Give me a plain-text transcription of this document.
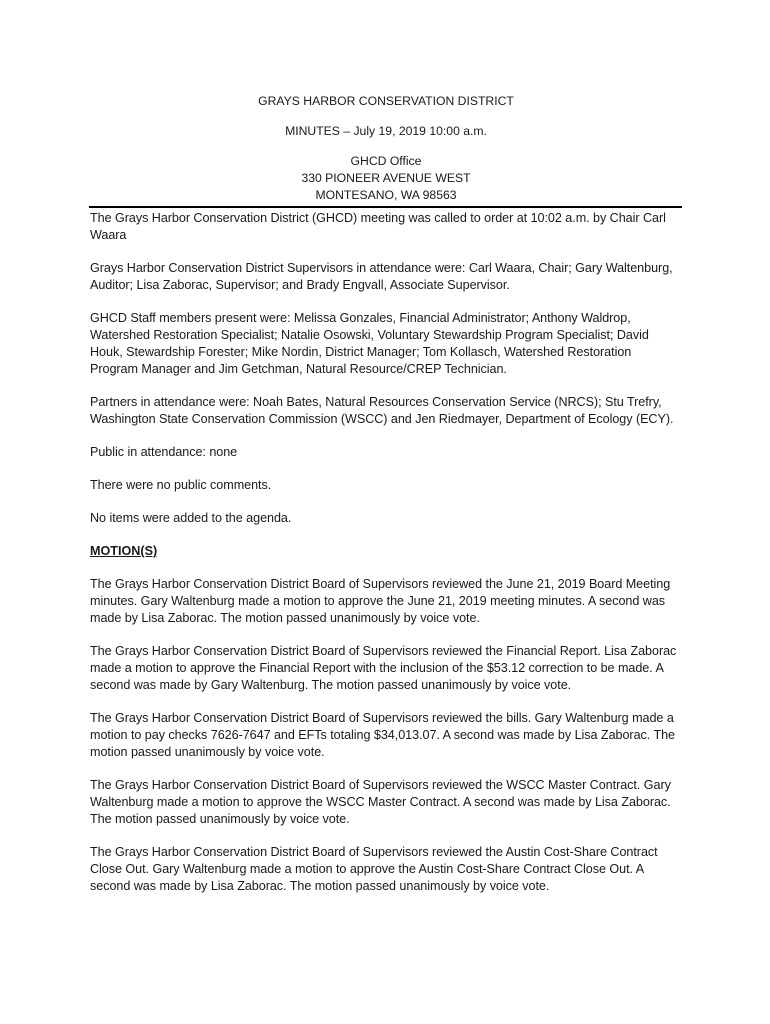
GRAYS HARBOR CONSERVATION DISTRICT
MINUTES – July 19, 2019 10:00 a.m.
GHCD Office
330 PIONEER AVENUE WEST
MONTESANO, WA 98563

The Grays Harbor Conservation District (GHCD) meeting was called to order at 10:02 a.m. by Chair Carl Waara

Grays Harbor Conservation District Supervisors in attendance were: Carl Waara, Chair; Gary Waltenburg, Auditor; Lisa Zaborac, Supervisor; and Brady Engvall, Associate Supervisor.

GHCD Staff members present were: Melissa Gonzales, Financial Administrator; Anthony Waldrop, Watershed Restoration Specialist; Natalie Osowski, Voluntary Stewardship Program Specialist; David Houk, Stewardship Forester; Mike Nordin, District Manager; Tom Kollasch, Watershed Restoration Program Manager and Jim Getchman, Natural Resource/CREP Technician.

Partners in attendance were: Noah Bates, Natural Resources Conservation Service (NRCS); Stu Trefry, Washington State Conservation Commission (WSCC) and Jen Riedmayer, Department of Ecology (ECY).

Public in attendance: none

There were no public comments.

No items were added to the agenda.

MOTION(S)

The Grays Harbor Conservation District Board of Supervisors reviewed the June 21, 2019 Board Meeting minutes. Gary Waltenburg made a motion to approve the June 21, 2019 meeting minutes. A second was made by Lisa Zaborac. The motion passed unanimously by voice vote.

The Grays Harbor Conservation District Board of Supervisors reviewed the Financial Report. Lisa Zaborac made a motion to approve the Financial Report with the inclusion of the $53.12 correction to be made. A second was made by Gary Waltenburg. The motion passed unanimously by voice vote.

The Grays Harbor Conservation District Board of Supervisors reviewed the bills. Gary Waltenburg made a motion to pay checks 7626-7647 and EFTs totaling $34,013.07. A second was made by Lisa Zaborac. The motion passed unanimously by voice vote.

The Grays Harbor Conservation District Board of Supervisors reviewed the WSCC Master Contract. Gary Waltenburg made a motion to approve the WSCC Master Contract. A second was made by Lisa Zaborac. The motion passed unanimously by voice vote.

The Grays Harbor Conservation District Board of Supervisors reviewed the Austin Cost-Share Contract Close Out. Gary Waltenburg made a motion to approve the Austin Cost-Share Contract Close Out. A second was made by Lisa Zaborac. The motion passed unanimously by voice vote.
